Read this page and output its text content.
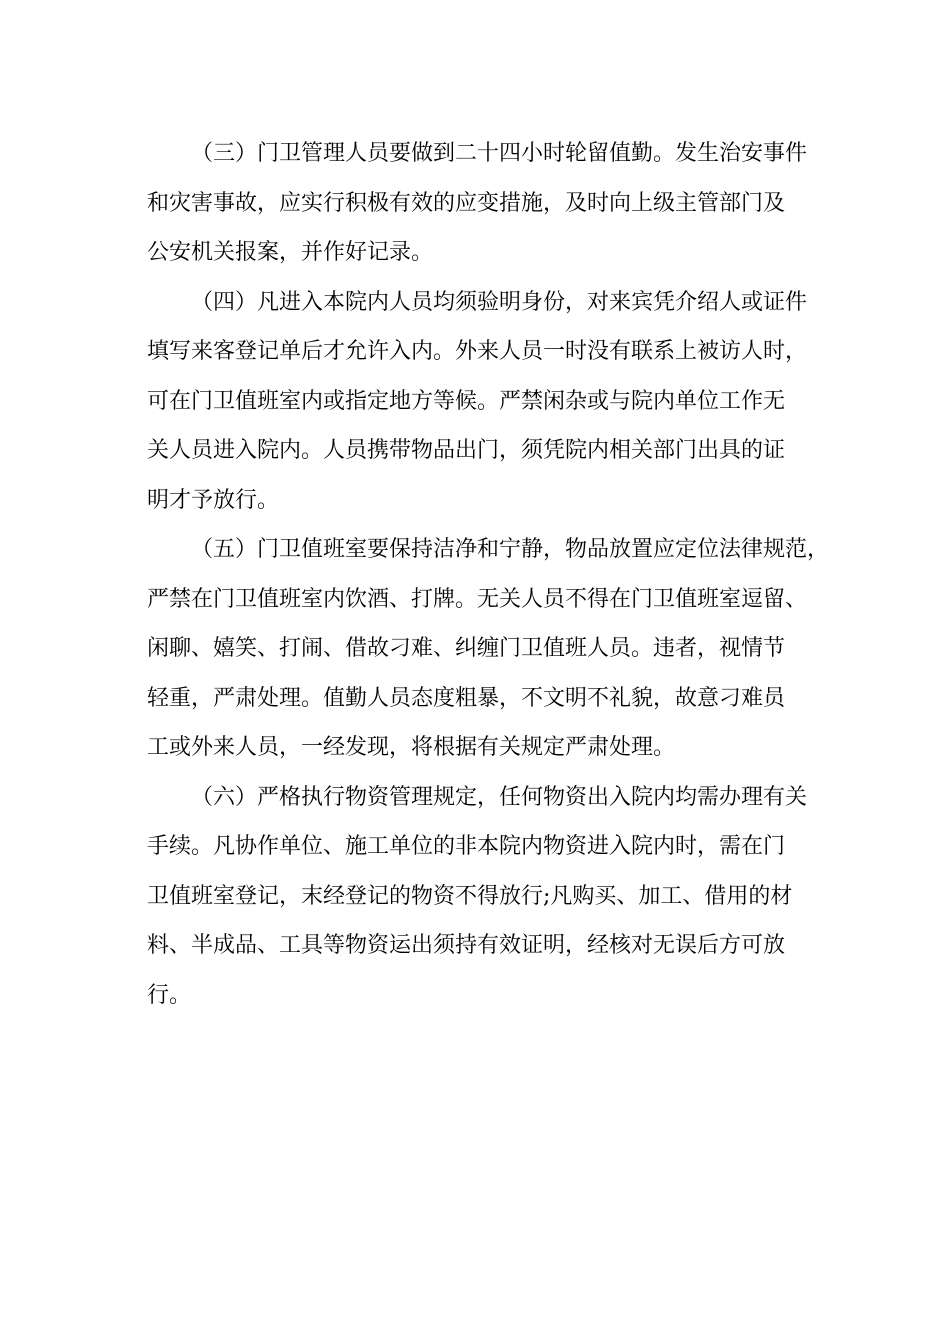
（三）门卫管理人员要做到二十四小时轮留值勤。发生治安事件
和灾害事故，应实行积极有效的应变措施，及时向上级主管部门及
公安机关报案，并作好记录。
（四）凡进入本院内人员均须验明身份，对来宾凭介绍人或证件
填写来客登记单后才允许入内。外来人员一时没有联系上被访人时，
可在门卫值班室内或指定地方等候。严禁闲杂或与院内单位工作无
关人员进入院内。人员携带物品出门，须凭院内相关部门出具的证
明才予放行。
（五）门卫值班室要保持洁净和宁静，物品放置应定位法律规范，
严禁在门卫值班室内饮酒、打牌。无关人员不得在门卫值班室逗留、
闲聊、嬉笑、打闹、借故刁难、纠缠门卫值班人员。违者，视情节
轻重，严肃处理。值勤人员态度粗暴，不文明不礼貌，故意刁难员
工或外来人员，一经发现，将根据有关规定严肃处理。
（六）严格执行物资管理规定，任何物资出入院内均需办理有关
手续。凡协作单位、施工单位的非本院内物资进入院内时，需在门
卫值班室登记，末经登记的物资不得放行;凡购买、加工、借用的材
料、半成品、工具等物资运出须持有效证明，经核对无误后方可放
行。
